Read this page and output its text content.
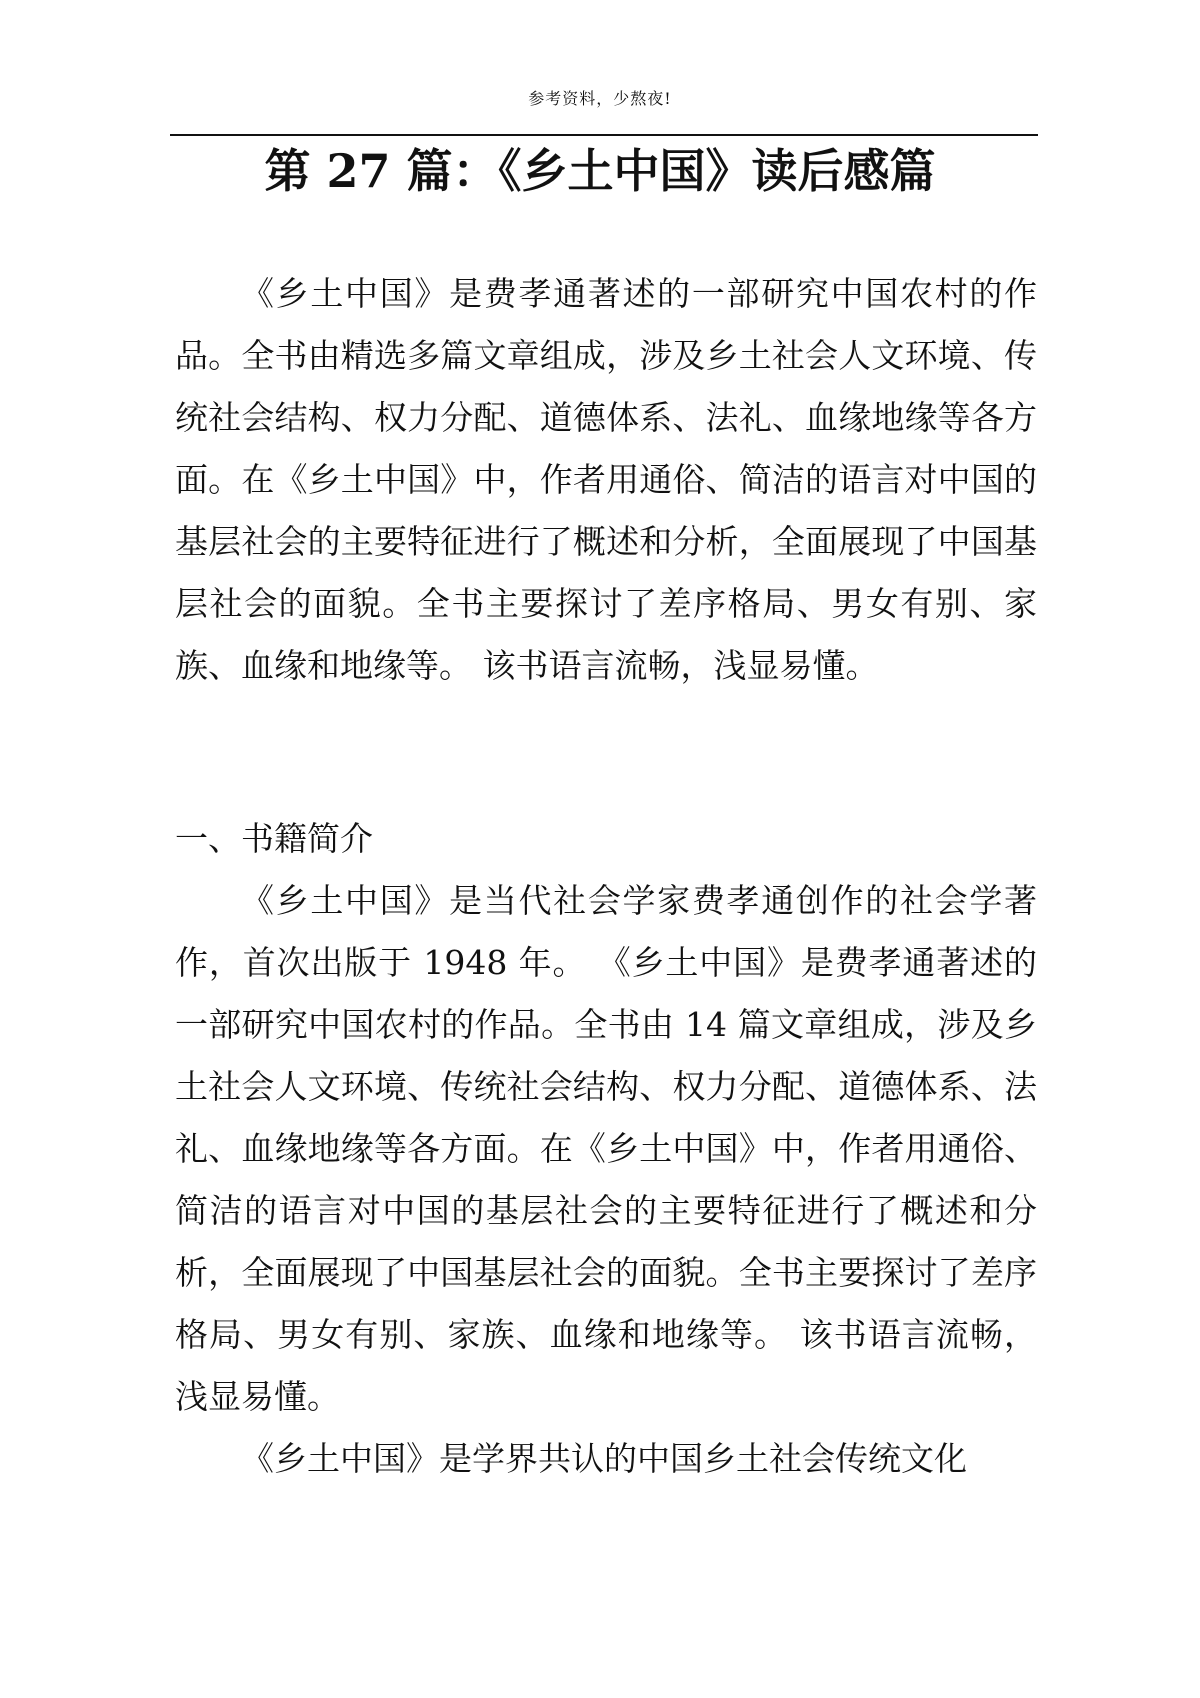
参考资料，少熬夜!
第 27 篇：《乡土中国》读后感篇

《乡土中国》是费孝通著述的一部研究中国农村的作品。全书由精选多篇文章组成，涉及乡土社会人文环境、传统社会结构、权力分配、道德体系、法礼、血缘地缘等各方面。在《乡土中国》中，作者用通俗、简洁的语言对中国的基层社会的主要特征进行了概述和分析，全面展现了中国基层社会的面貌。全书主要探讨了差序格局、男女有别、家族、血缘和地缘等。 该书语言流畅，浅显易懂。

一、书籍简介

《乡土中国》是当代社会学家费孝通创作的社会学著作，首次出版于 1948 年。 《乡土中国》是费孝通著述的一部研究中国农村的作品。全书由 14 篇文章组成，涉及乡土社会人文环境、传统社会结构、权力分配、道德体系、法礼、血缘地缘等各方面。在《乡土中国》中，作者用通俗、简洁的语言对中国的基层社会的主要特征进行了概述和分析，全面展现了中国基层社会的面貌。全书主要探讨了差序格局、男女有别、家族、血缘和地缘等。 该书语言流畅，浅显易懂。

《乡土中国》是学界共认的中国乡土社会传统文化
